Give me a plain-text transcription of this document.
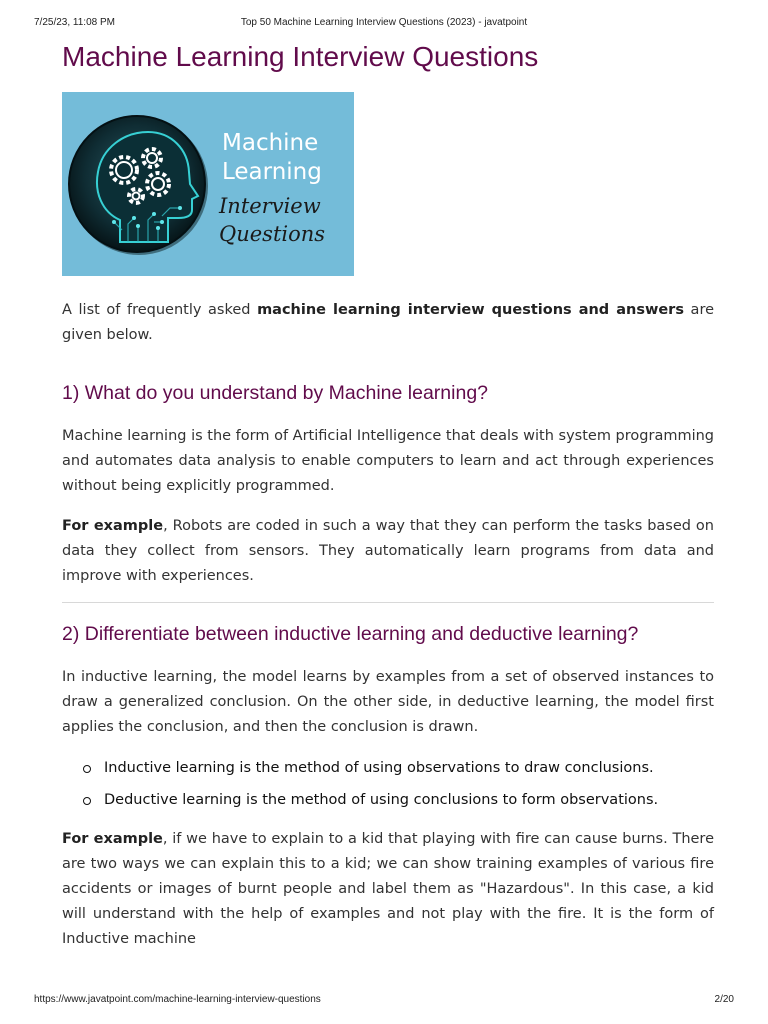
7/25/23, 11:08 PM	Top 50 Machine Learning Interview Questions (2023) - javatpoint
Machine Learning Interview Questions
Machine
Learning
Interview
Questions

A list of frequently asked machine learning interview questions and answers are given below.

1) What do you understand by Machine learning?

Machine learning is the form of Artificial Intelligence that deals with system programming and automates data analysis to enable computers to learn and act through experiences without being explicitly programmed.

For example, Robots are coded in such a way that they can perform the tasks based on data they collect from sensors. They automatically learn programs from data and improve with experiences.

2) Differentiate between inductive learning and deductive learning?

In inductive learning, the model learns by examples from a set of observed instances to draw a generalized conclusion. On the other side, in deductive learning, the model first applies the conclusion, and then the conclusion is drawn.

Inductive learning is the method of using observations to draw conclusions.
Deductive learning is the method of using conclusions to form observations.

For example, if we have to explain to a kid that playing with fire can cause burns. There are two ways we can explain this to a kid; we can show training examples of various fire accidents or images of burnt people and label them as "Hazardous". In this case, a kid will understand with the help of examples and not play with the fire. It is the form of Inductive machine

https://www.javatpoint.com/machine-learning-interview-questions	2/20
